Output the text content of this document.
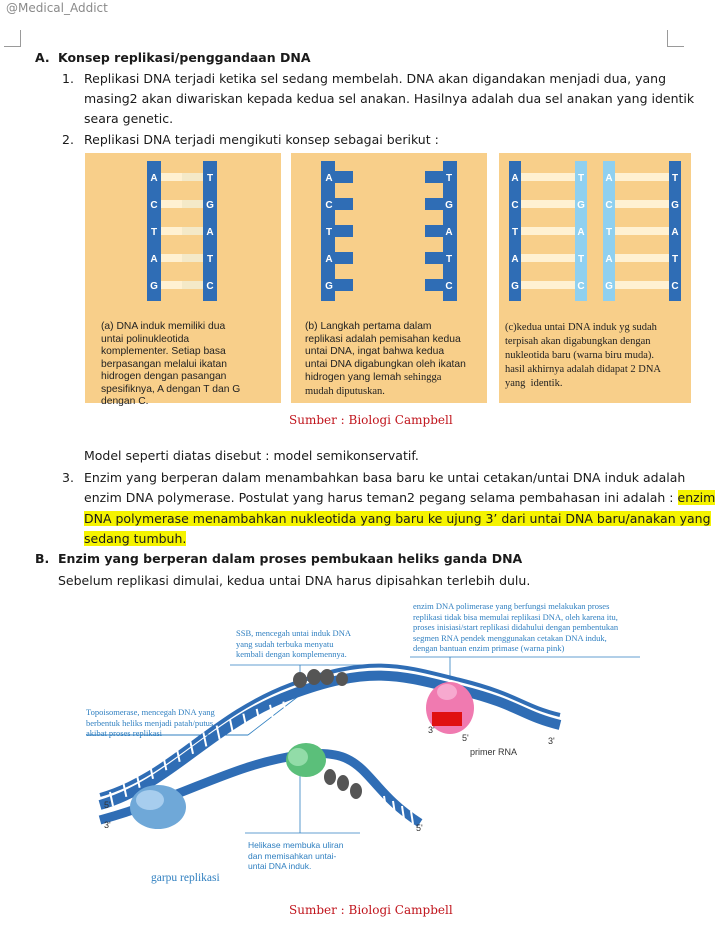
@Medical_Addict
A. Konsep replikasi/penggandaan DNA
1. Replikasi DNA terjadi ketika sel sedang membelah. DNA akan digandakan menjadi dua, yang
masing2 akan diwariskan kepada kedua sel anakan. Hasilnya adalah dua sel anakan yang identik
seara genetic.
2. Replikasi DNA terjadi mengikuti konsep sebagai berikut :
A	T
C	G
T	A
A	T
G	C
(a) DNA induk memiliki dua
untai polinukleotida
komplementer. Setiap basa
berpasangan melalui ikatan
hidrogen dengan pasangan
spesifiknya, A dengan T dan G
dengan C.
A	T
C	G
T	A
A	T
G	C
(b) Langkah pertama dalam
replikasi adalah pemisahan kedua
untai DNA, ingat bahwa kedua
untai DNA digabungkan oleh ikatan
hidrogen yang lemah sehingga
mudah diputuskan.
A	T A	T
C	G C	G
T	A T	A
A	T A	T
G	C G	C
(c)kedua untai DNA induk yg sudah
terpisah akan digabungkan dengan
nukleotida baru (warna biru muda).
hasil akhirnya adalah didapat 2 DNA
yang identik.
Sumber : Biologi Campbell
Model seperti diatas disebut : model semikonservatif.
3. Enzim yang berperan dalam menambahkan basa baru ke untai cetakan/untai DNA induk adalah
enzim DNA polymerase. Postulat yang harus teman2 pegang selama pembahasan ini adalah : enzim
DNA polymerase menambahkan nukleotida yang baru ke ujung 3’ dari untai DNA baru/anakan yang
sedang tumbuh.
B. Enzim yang berperan dalam proses pembukaan heliks ganda DNA
Sebelum replikasi dimulai, kedua untai DNA harus dipisahkan terlebih dulu.
5'
3'
3'
5'
3'
5'
primer RNA
enzim DNA polimerase yang berfungsi melakukan proses
replikasi tidak bisa memulai replikasi DNA, oleh karena itu,
proses inisiasi/start replikasi didahului dengan pembentukan
segmen RNA pendek menggunakan cetakan DNA induk,
dengan bantuan enzim primase (warna pink)
SSB, mencegah untai induk DNA
yang sudah terbuka menyatu
kembali dengan komplemennya.
Topoisomerase, mencegah DNA yang
berbentuk heliks menjadi patah/putus
akibat proses replikasi
Helikase membuka uliran
dan memisahkan untai-
untai DNA induk.
garpu replikasi
Sumber : Biologi Campbell
